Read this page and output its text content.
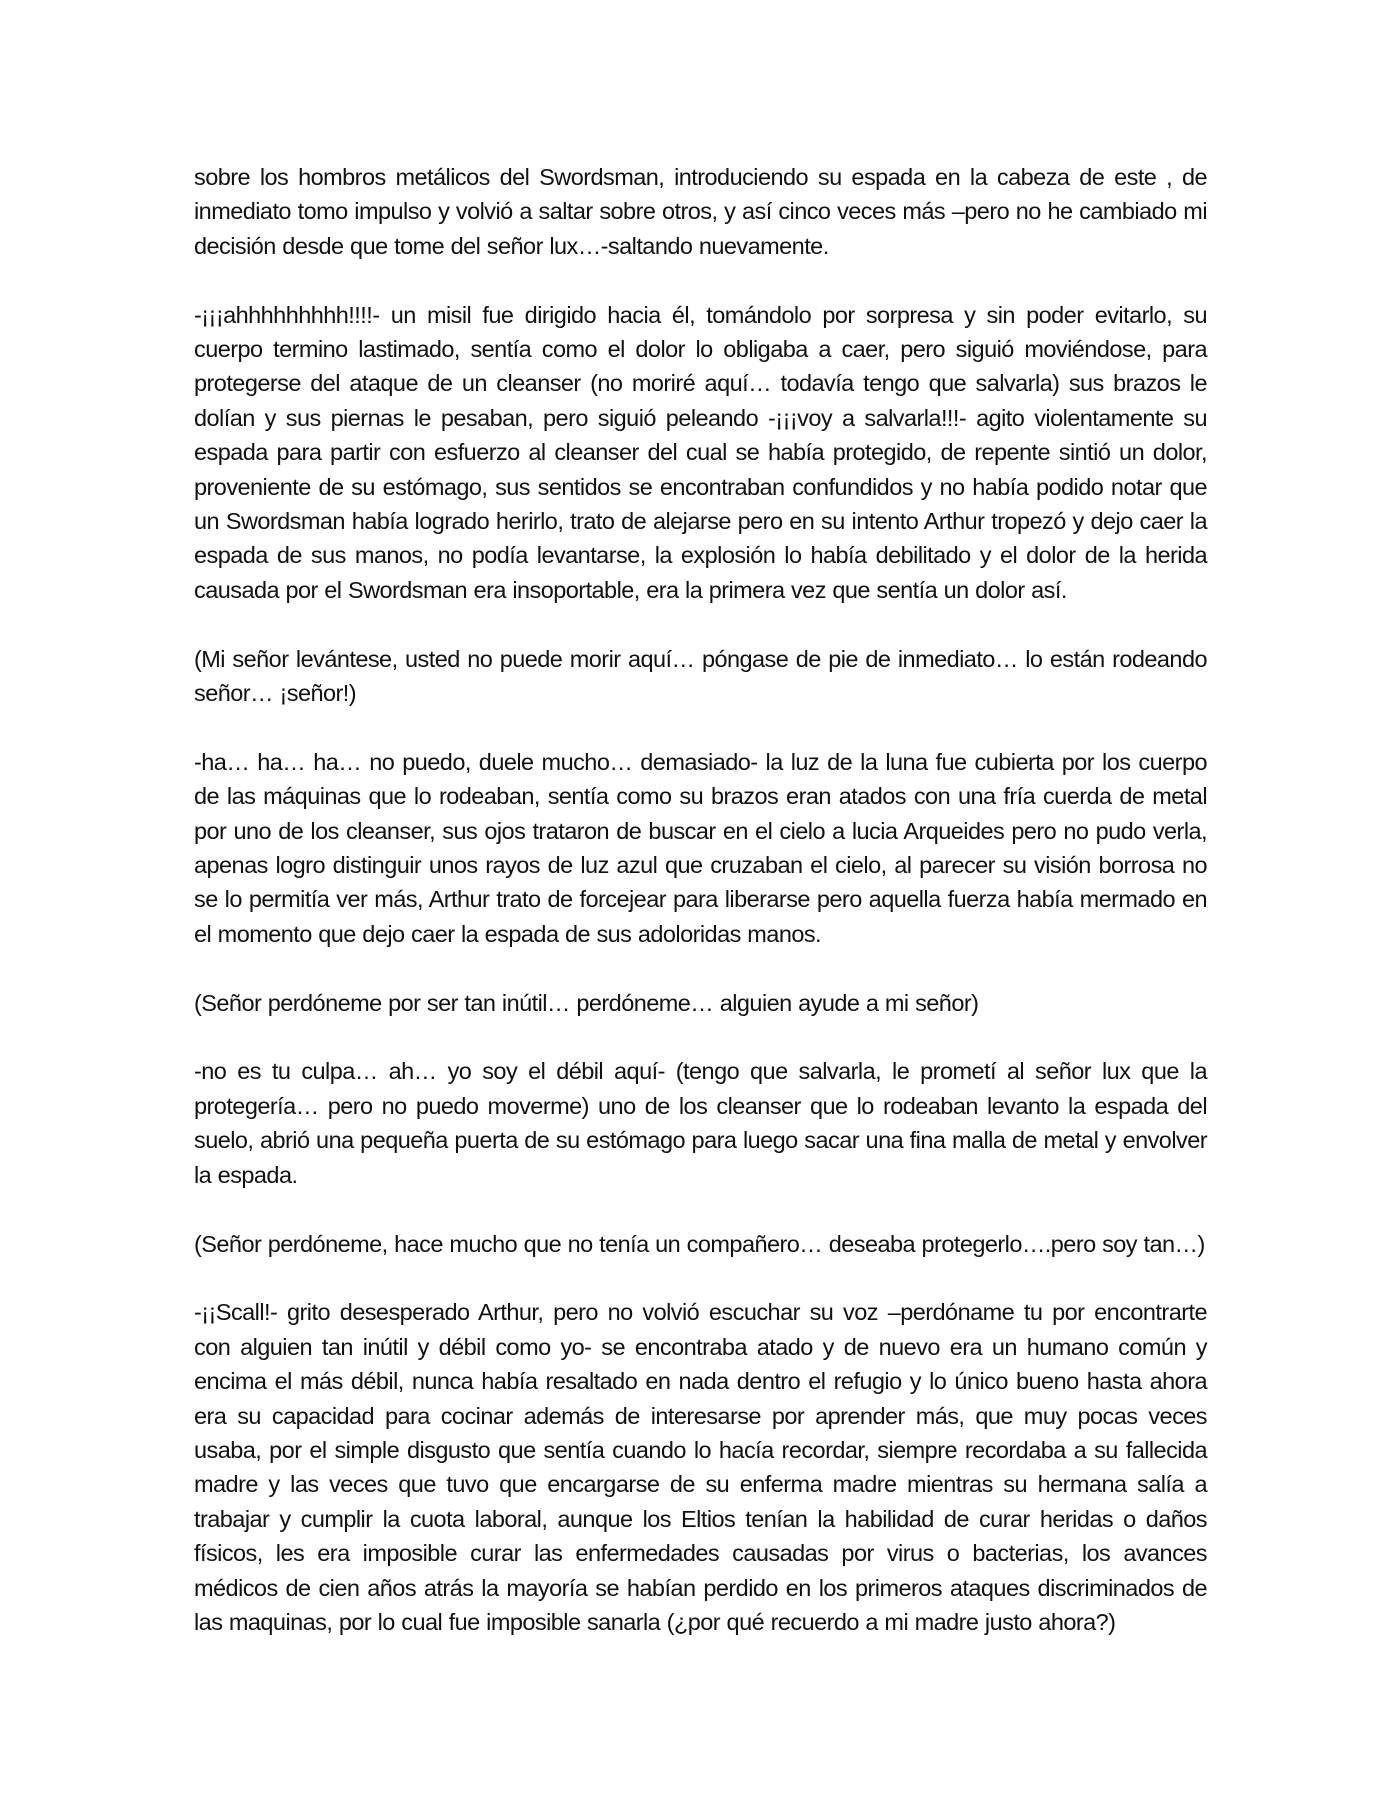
sobre los hombros metálicos del Swordsman, introduciendo su espada en la cabeza de este , de inmediato tomo impulso y volvió a saltar sobre otros, y así cinco veces más –pero no he cambiado mi decisión desde que tome del señor lux…-saltando nuevamente.

-¡¡¡ahhhhhhhhh!!!!- un misil fue dirigido hacia él, tomándolo por sorpresa y sin poder evitarlo, su cuerpo termino lastimado, sentía como el dolor lo obligaba a caer, pero siguió moviéndose, para protegerse del ataque de un cleanser (no moriré aquí… todavía tengo que salvarla) sus brazos le dolían y sus piernas le pesaban, pero siguió peleando -¡¡¡voy a salvarla!!!- agito violentamente su espada para partir con esfuerzo al cleanser del cual se había protegido, de repente sintió un dolor, proveniente de su estómago, sus sentidos se encontraban confundidos y no había podido notar que un Swordsman había logrado herirlo, trato de alejarse pero en su intento Arthur tropezó y dejo caer la espada de sus manos, no podía levantarse, la explosión lo había debilitado y el dolor de la herida causada por el Swordsman era insoportable, era la primera vez que sentía un dolor así.

(Mi señor levántese, usted no puede morir aquí… póngase de pie de inmediato… lo están rodeando señor… ¡señor!)

-ha… ha… ha… no puedo, duele mucho… demasiado- la luz de la luna fue cubierta por los cuerpo de las máquinas que lo rodeaban, sentía como su brazos eran atados con una fría cuerda de metal por uno de los cleanser, sus ojos trataron de buscar en el cielo a lucia Arqueides pero no pudo verla, apenas logro distinguir unos rayos de luz azul que cruzaban el cielo, al parecer su visión borrosa no se lo permitía ver más, Arthur trato de forcejear para liberarse pero aquella fuerza había mermado en el momento que dejo caer la espada de sus adoloridas manos.

(Señor perdóneme por ser tan inútil… perdóneme… alguien ayude a mi señor)

-no es tu culpa… ah… yo soy el débil aquí- (tengo que salvarla, le prometí al señor lux que la protegería… pero no puedo moverme) uno de los cleanser que lo rodeaban levanto la espada del suelo, abrió una pequeña puerta de su estómago para luego sacar una fina malla de metal y envolver la espada.

(Señor perdóneme, hace mucho que no tenía un compañero… deseaba protegerlo….pero soy tan…)

-¡¡Scall!- grito desesperado Arthur, pero no volvió escuchar su voz –perdóname tu por encontrarte con alguien tan inútil y débil como yo- se encontraba atado y de nuevo era un humano común y encima el más débil, nunca había resaltado en nada dentro el refugio y lo único bueno hasta ahora era su capacidad para cocinar además de interesarse por aprender más, que muy pocas veces usaba, por el simple disgusto que sentía cuando lo hacía recordar, siempre recordaba a su fallecida madre y las veces que tuvo que encargarse de su enferma madre mientras su hermana salía a trabajar y cumplir la cuota laboral, aunque los Eltios tenían la habilidad de curar heridas o daños físicos, les era imposible curar las enfermedades causadas por virus o bacterias, los avances médicos de cien años atrás la mayoría se habían perdido en los primeros ataques discriminados de las maquinas, por lo cual fue imposible sanarla (¿por qué recuerdo a mi madre justo ahora?)
